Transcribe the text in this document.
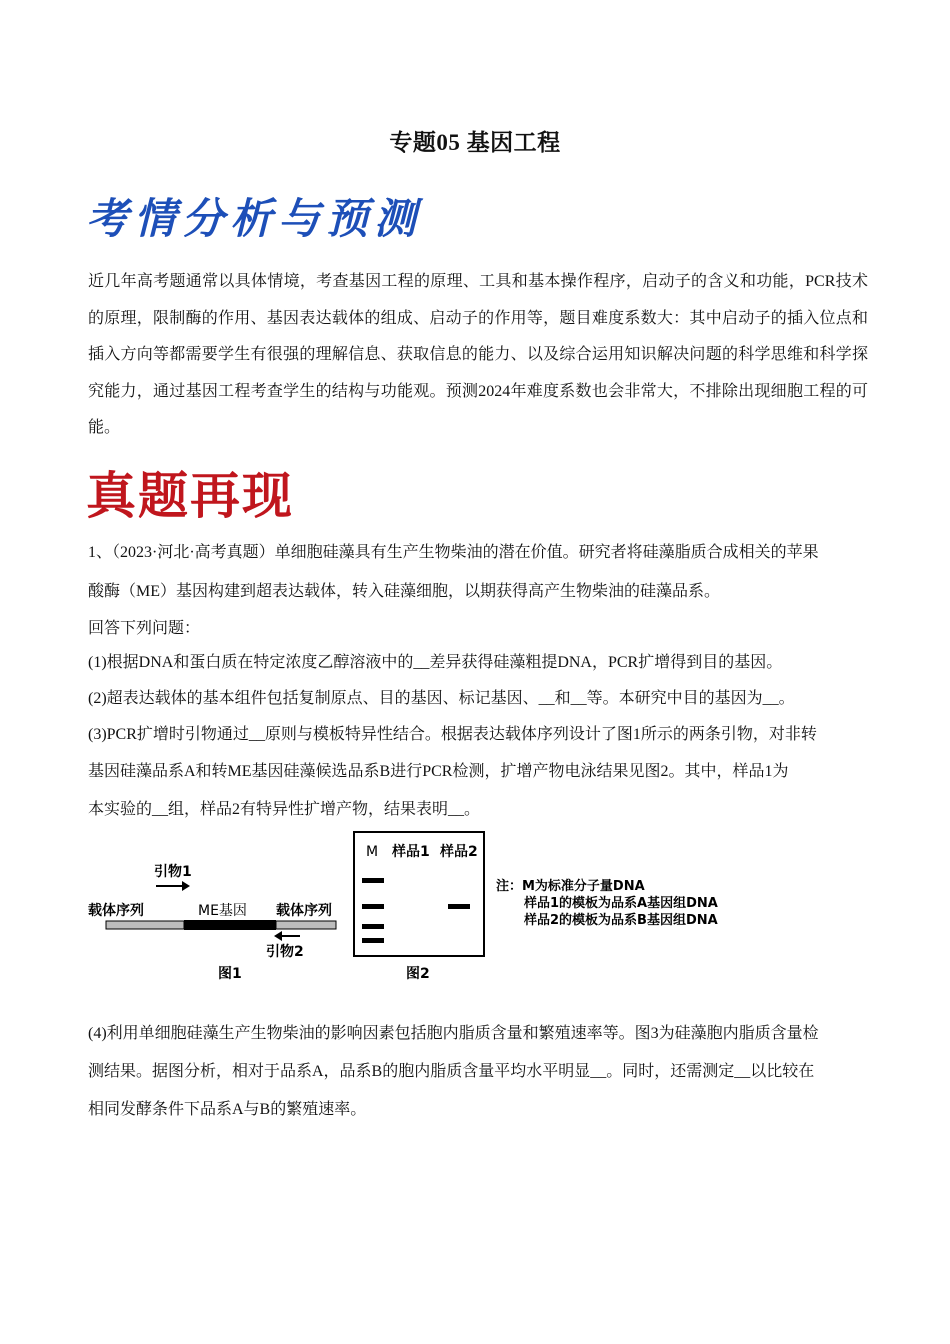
专题05 基因工程
考情分析与预测
近几年高考题通常以具体情境，考查基因工程的原理、工具和基本操作程序，启动子的含义和功能，PCR技术的原理，限制酶的作用、基因表达载体的组成、启动子的作用等，题目难度系数大：其中启动子的插入位点和插入方向等都需要学生有很强的理解信息、获取信息的能力、以及综合运用知识解决问题的科学思维和科学探究能力，通过基因工程考查学生的结构与功能观。预测2024年难度系数也会非常大，不排除出现细胞工程的可能。
真题再现
1、（2023·河北·高考真题）单细胞硅藻具有生产生物柴油的潜在价值。研究者将硅藻脂质合成相关的苹果
酸酶（ME）基因构建到超表达载体，转入硅藻细胞，以期获得高产生物柴油的硅藻品系。
回答下列问题：
(1)根据DNA和蛋白质在特定浓度乙醇溶液中的__差异获得硅藻粗提DNA，PCR扩增得到目的基因。
(2)超表达载体的基本组件包括复制原点、目的基因、标记基因、__和__等。本研究中目的基因为__。
(3)PCR扩增时引物通过__原则与模板特异性结合。根据表达载体序列设计了图1所示的两条引物，对非转
基因硅藻品系A和转ME基因硅藻候选品系B进行PCR检测，扩增产物电泳结果见图2。其中，样品1为
本实验的__组，样品2有特异性扩增产物，结果表明__。
载体序列
引物1
ME基因 载体序列
引物2
图1
M 样品1 样品2
图2
注：M为标准分子量DNA
样品1的模板为品系A基因组DNA
样品2的模板为品系B基因组DNA
(4)利用单细胞硅藻生产生物柴油的影响因素包括胞内脂质含量和繁殖速率等。图3为硅藻胞内脂质含量检
测结果。据图分析，相对于品系A，品系B的胞内脂质含量平均水平明显__。同时，还需测定__以比较在
相同发酵条件下品系A与B的繁殖速率。
